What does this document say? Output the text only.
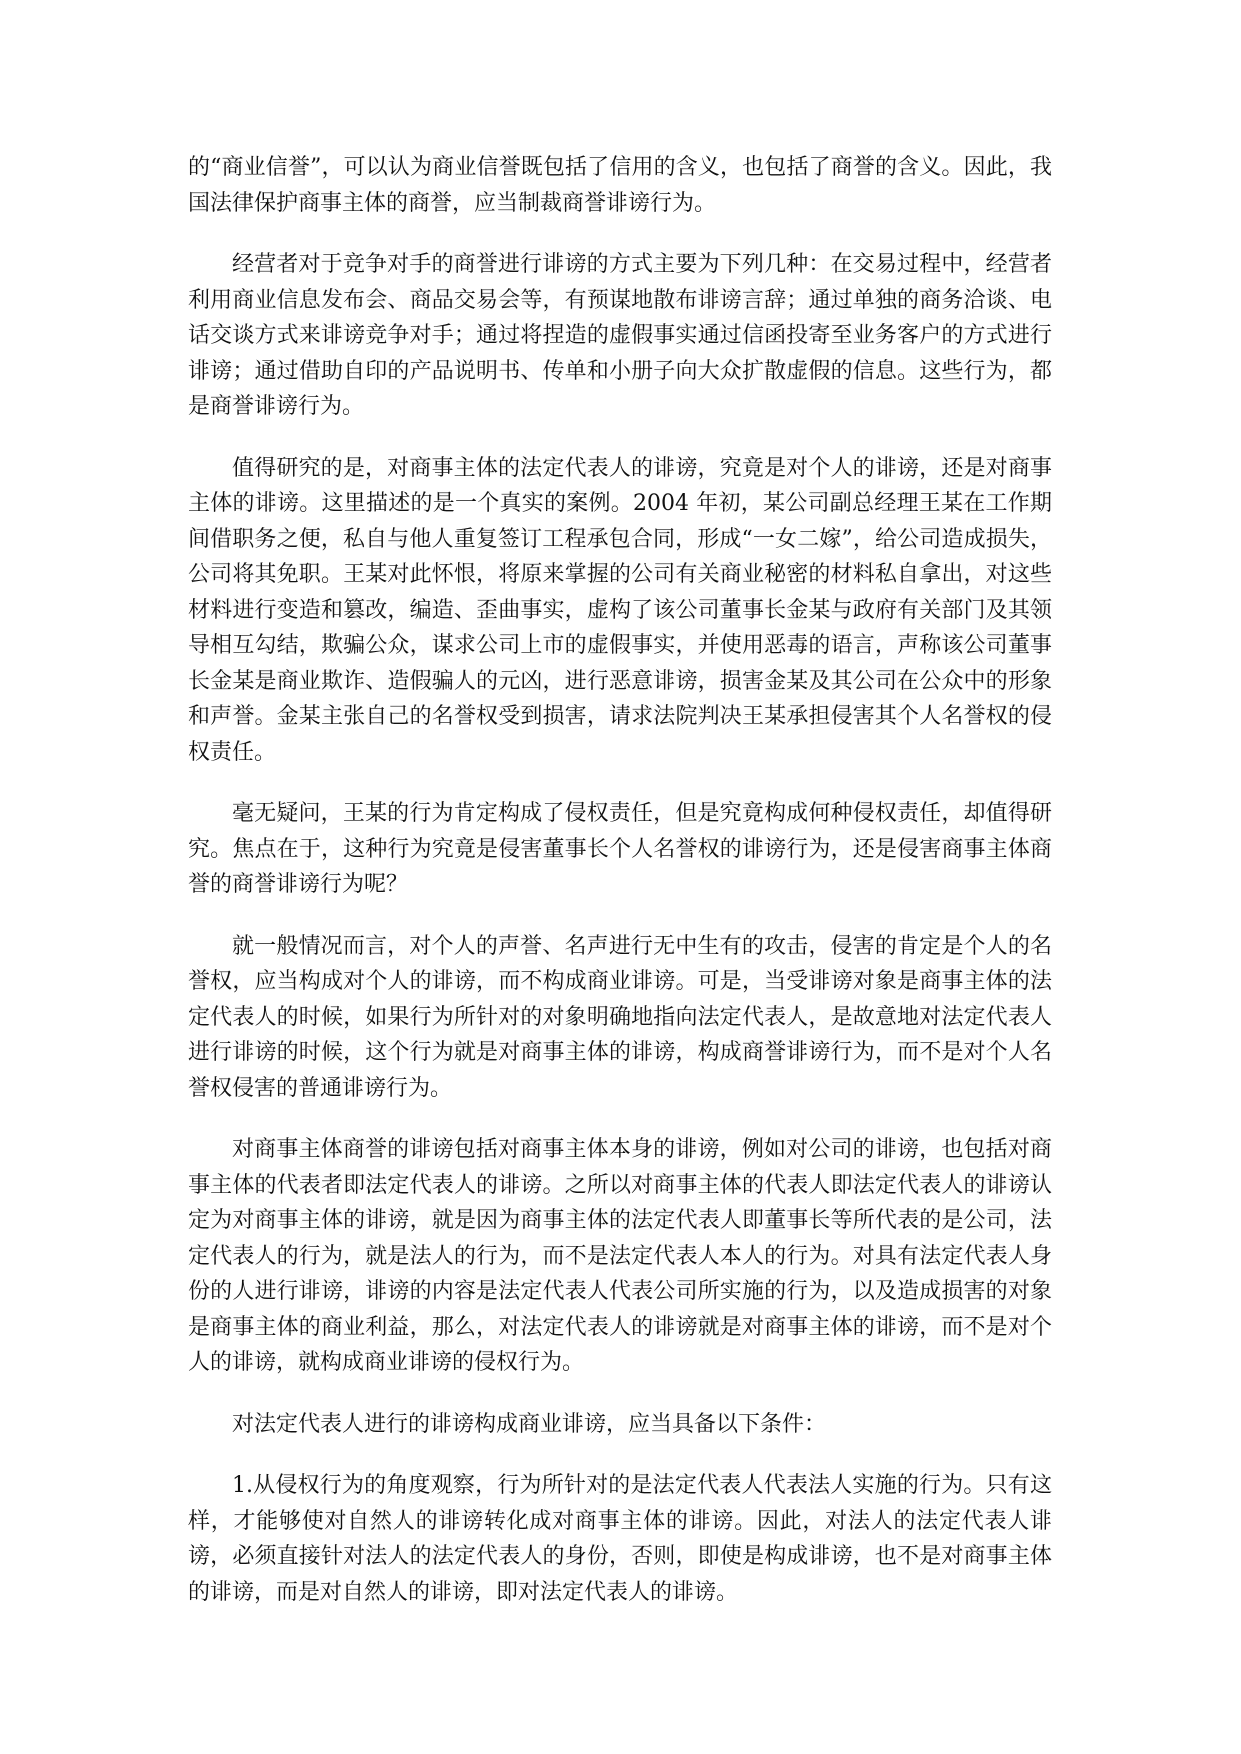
的“商业信誉”，可以认为商业信誉既包括了信用的含义，也包括了商誉的含义。因此，我国法律保护商事主体的商誉，应当制裁商誉诽谤行为。

经营者对于竞争对手的商誉进行诽谤的方式主要为下列几种：在交易过程中，经营者利用商业信息发布会、商品交易会等，有预谋地散布诽谤言辞；通过单独的商务洽谈、电话交谈方式来诽谤竞争对手；通过将捏造的虚假事实通过信函投寄至业务客户的方式进行诽谤；通过借助自印的产品说明书、传单和小册子向大众扩散虚假的信息。这些行为，都是商誉诽谤行为。

值得研究的是，对商事主体的法定代表人的诽谤，究竟是对个人的诽谤，还是对商事主体的诽谤。这里描述的是一个真实的案例。2004 年初，某公司副总经理王某在工作期间借职务之便，私自与他人重复签订工程承包合同，形成“一女二嫁”，给公司造成损失，公司将其免职。王某对此怀恨，将原来掌握的公司有关商业秘密的材料私自拿出，对这些材料进行变造和篡改，编造、歪曲事实，虚构了该公司董事长金某与政府有关部门及其领导相互勾结，欺骗公众，谋求公司上市的虚假事实，并使用恶毒的语言，声称该公司董事长金某是商业欺诈、造假骗人的元凶，进行恶意诽谤，损害金某及其公司在公众中的形象和声誉。金某主张自己的名誉权受到损害，请求法院判决王某承担侵害其个人名誉权的侵权责任。

毫无疑问，王某的行为肯定构成了侵权责任，但是究竟构成何种侵权责任，却值得研究。焦点在于，这种行为究竟是侵害董事长个人名誉权的诽谤行为，还是侵害商事主体商誉的商誉诽谤行为呢？

就一般情况而言，对个人的声誉、名声进行无中生有的攻击，侵害的肯定是个人的名誉权，应当构成对个人的诽谤，而不构成商业诽谤。可是，当受诽谤对象是商事主体的法定代表人的时候，如果行为所针对的对象明确地指向法定代表人，是故意地对法定代表人进行诽谤的时候，这个行为就是对商事主体的诽谤，构成商誉诽谤行为，而不是对个人名誉权侵害的普通诽谤行为。

对商事主体商誉的诽谤包括对商事主体本身的诽谤，例如对公司的诽谤，也包括对商事主体的代表者即法定代表人的诽谤。之所以对商事主体的代表人即法定代表人的诽谤认定为对商事主体的诽谤，就是因为商事主体的法定代表人即董事长等所代表的是公司，法定代表人的行为，就是法人的行为，而不是法定代表人本人的行为。对具有法定代表人身份的人进行诽谤，诽谤的内容是法定代表人代表公司所实施的行为，以及造成损害的对象是商事主体的商业利益，那么，对法定代表人的诽谤就是对商事主体的诽谤，而不是对个人的诽谤，就构成商业诽谤的侵权行为。

对法定代表人进行的诽谤构成商业诽谤，应当具备以下条件：

1.从侵权行为的角度观察，行为所针对的是法定代表人代表法人实施的行为。只有这样，才能够使对自然人的诽谤转化成对商事主体的诽谤。因此，对法人的法定代表人诽谤，必须直接针对法人的法定代表人的身份，否则，即使是构成诽谤，也不是对商事主体的诽谤，而是对自然人的诽谤，即对法定代表人的诽谤。
